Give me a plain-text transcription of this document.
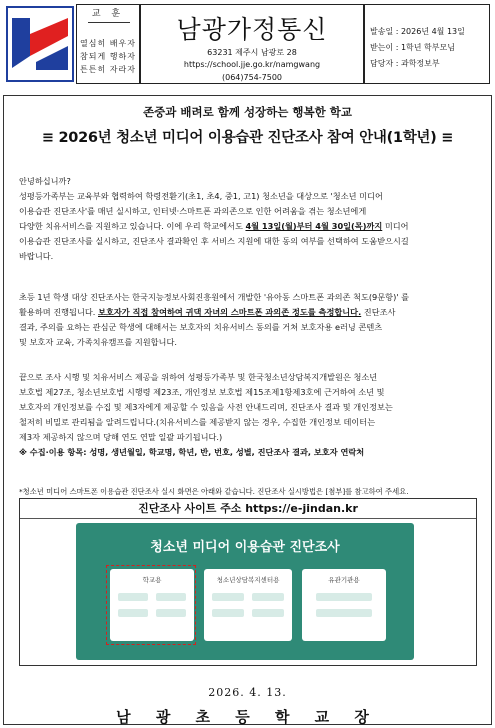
교 훈
열심히 배우자
참되게 행하자
튼튼히 자라자
남광가정통신
63231 제주시 남광로 28
https://school.jje.go.kr/namgwang
(064)754-7500
발송일 : 2026년 4월 13일
받는이 : 1학년 학부모님
담당자 : 과학정보부
존중과 배려로 함께 성장하는 행복한 학교
≡ 2026년 청소년 미디어 이용습관 진단조사 참여 안내(1학년) ≡
안녕하십니까?
성평등가족부는 교육부와 협력하여 학령전환기(초1, 초4, 중1, 고1) 청소년을 대상으로 '청소년 미디어
이용습관 진단조사'를 매년 실시하고, 인터넷·스마트폰 과의존으로 인한 어려움을 겪는 청소년에게
다양한 치유서비스를 지원하고 있습니다. 이에 우리 학교에서도 4월 13일(월)부터 4월 30일(목)까지 미디어
이용습관 진단조사를 실시하고, 진단조사 결과확인 후 서비스 지원에 대한 동의 여부를 선택하여 도움받으시길
바랍니다.
초등 1년 학생 대상 진단조사는 한국지능정보사회진흥원에서 개발한 '유아동 스마트폰 과의존 척도(9문항)' 를
활용하며 진행됩니다. 보호자가 직접 참여하여 귀댁 자녀의 스마트폰 과의존 정도를 측정합니다. 진단조사
결과, 주의를 요하는 관심군 학생에 대해서는 보호자의 치유서비스 동의를 거쳐 보호자용 e러닝 콘텐츠
및 보호자 교육, 가족치유캠프를 지원합니다.
끝으로 조사 시행 및 치유서비스 제공을 위하여 성평등가족부 및 한국청소년상담복지개발원은 청소년
보호법 제27조, 청소년보호법 시행령 제23조, 개인정보 보호법 제15조제1항제3호에 근거하여 소년 및
보호자의 개인정보를 수집 및 제3자에게 제공할 수 있음을 사전 안내드리며, 진단조사 결과 및 개인정보는
철저히 비밀로 관리됨을 알려드립니다.(치유서비스를 제공받지 않는 경우, 수집한 개인정보 데이터는
제3자 제공하지 않으며 당해 연도 연말 일괄 파기됩니다.)
※ 수집·이용 항목: 성명, 생년월일, 학교명, 학년, 반, 번호, 성별, 진단조사 결과, 보호자 연락처
*청소년 미디어 스마트폰 이용습관 진단조사 실시 화면은 아래와 같습니다. 진단조사 실시방법은 [첨부]를 참고하여 주세요.
진단조사 사이트 주소 https://e-jindan.kr
청소년 미디어 이용습관 진단조사
학교용	청소년상담복지센터용	유관기관용
2026. 4. 13.
남 광 초 등 학 교 장
